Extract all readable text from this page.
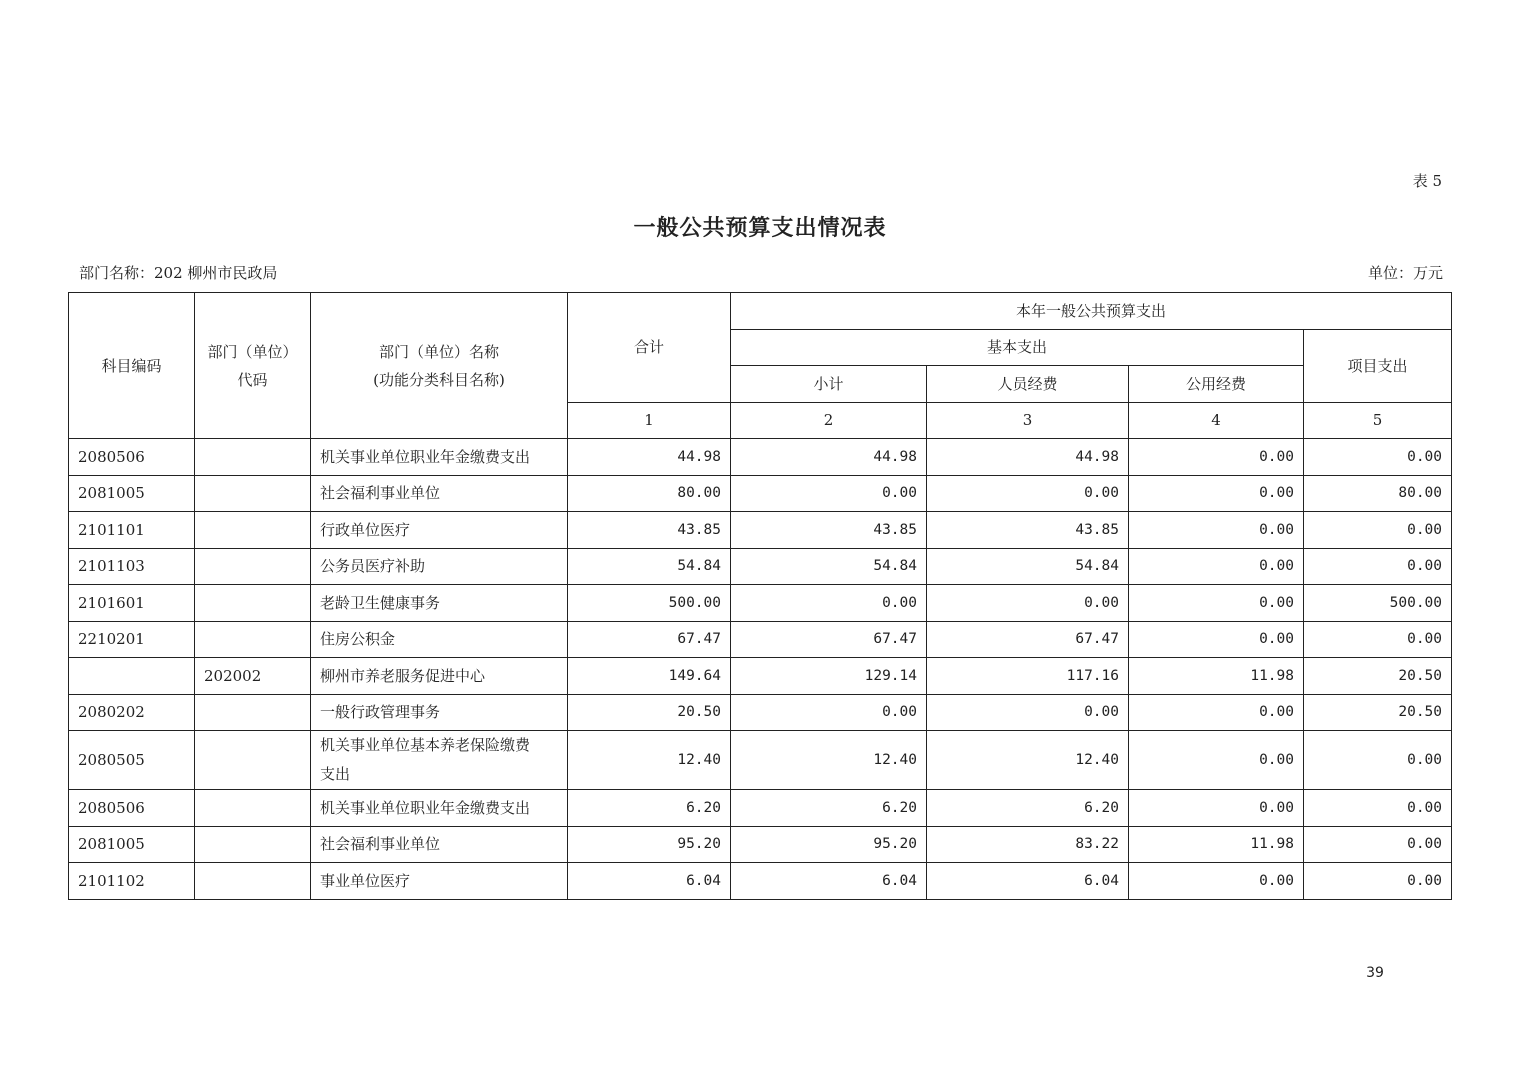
表 5
一般公共预算支出情况表
部门名称：202 柳州市民政局	单位：万元
科目编码	部门（单位）代码	部门（单位）名称
(功能分类科目名称)	合计	本年一般公共预算支出			
				基本支出			项目支出
				小计	人员经费	公用经费	
			1	2	3	4	5
2080506		机关事业单位职业年金缴费支出	44.98	44.98	44.98	0.00	0.00
2081005		社会福利事业单位	80.00	0.00	0.00	0.00	80.00
2101101		行政单位医疗	43.85	43.85	43.85	0.00	0.00
2101103		公务员医疗补助	54.84	54.84	54.84	0.00	0.00
2101601		老龄卫生健康事务	500.00	0.00	0.00	0.00	500.00
2210201		住房公积金	67.47	67.47	67.47	0.00	0.00
	202002	柳州市养老服务促进中心	149.64	129.14	117.16	11.98	20.50
2080202		一般行政管理事务	20.50	0.00	0.00	0.00	20.50
2080505		机关事业单位基本养老保险缴费
支出	12.40	12.40	12.40	0.00	0.00
2080506		机关事业单位职业年金缴费支出	6.20	6.20	6.20	0.00	0.00
2081005		社会福利事业单位	95.20	95.20	83.22	11.98	0.00
2101102		事业单位医疗	6.04	6.04	6.04	0.00	0.00
39
